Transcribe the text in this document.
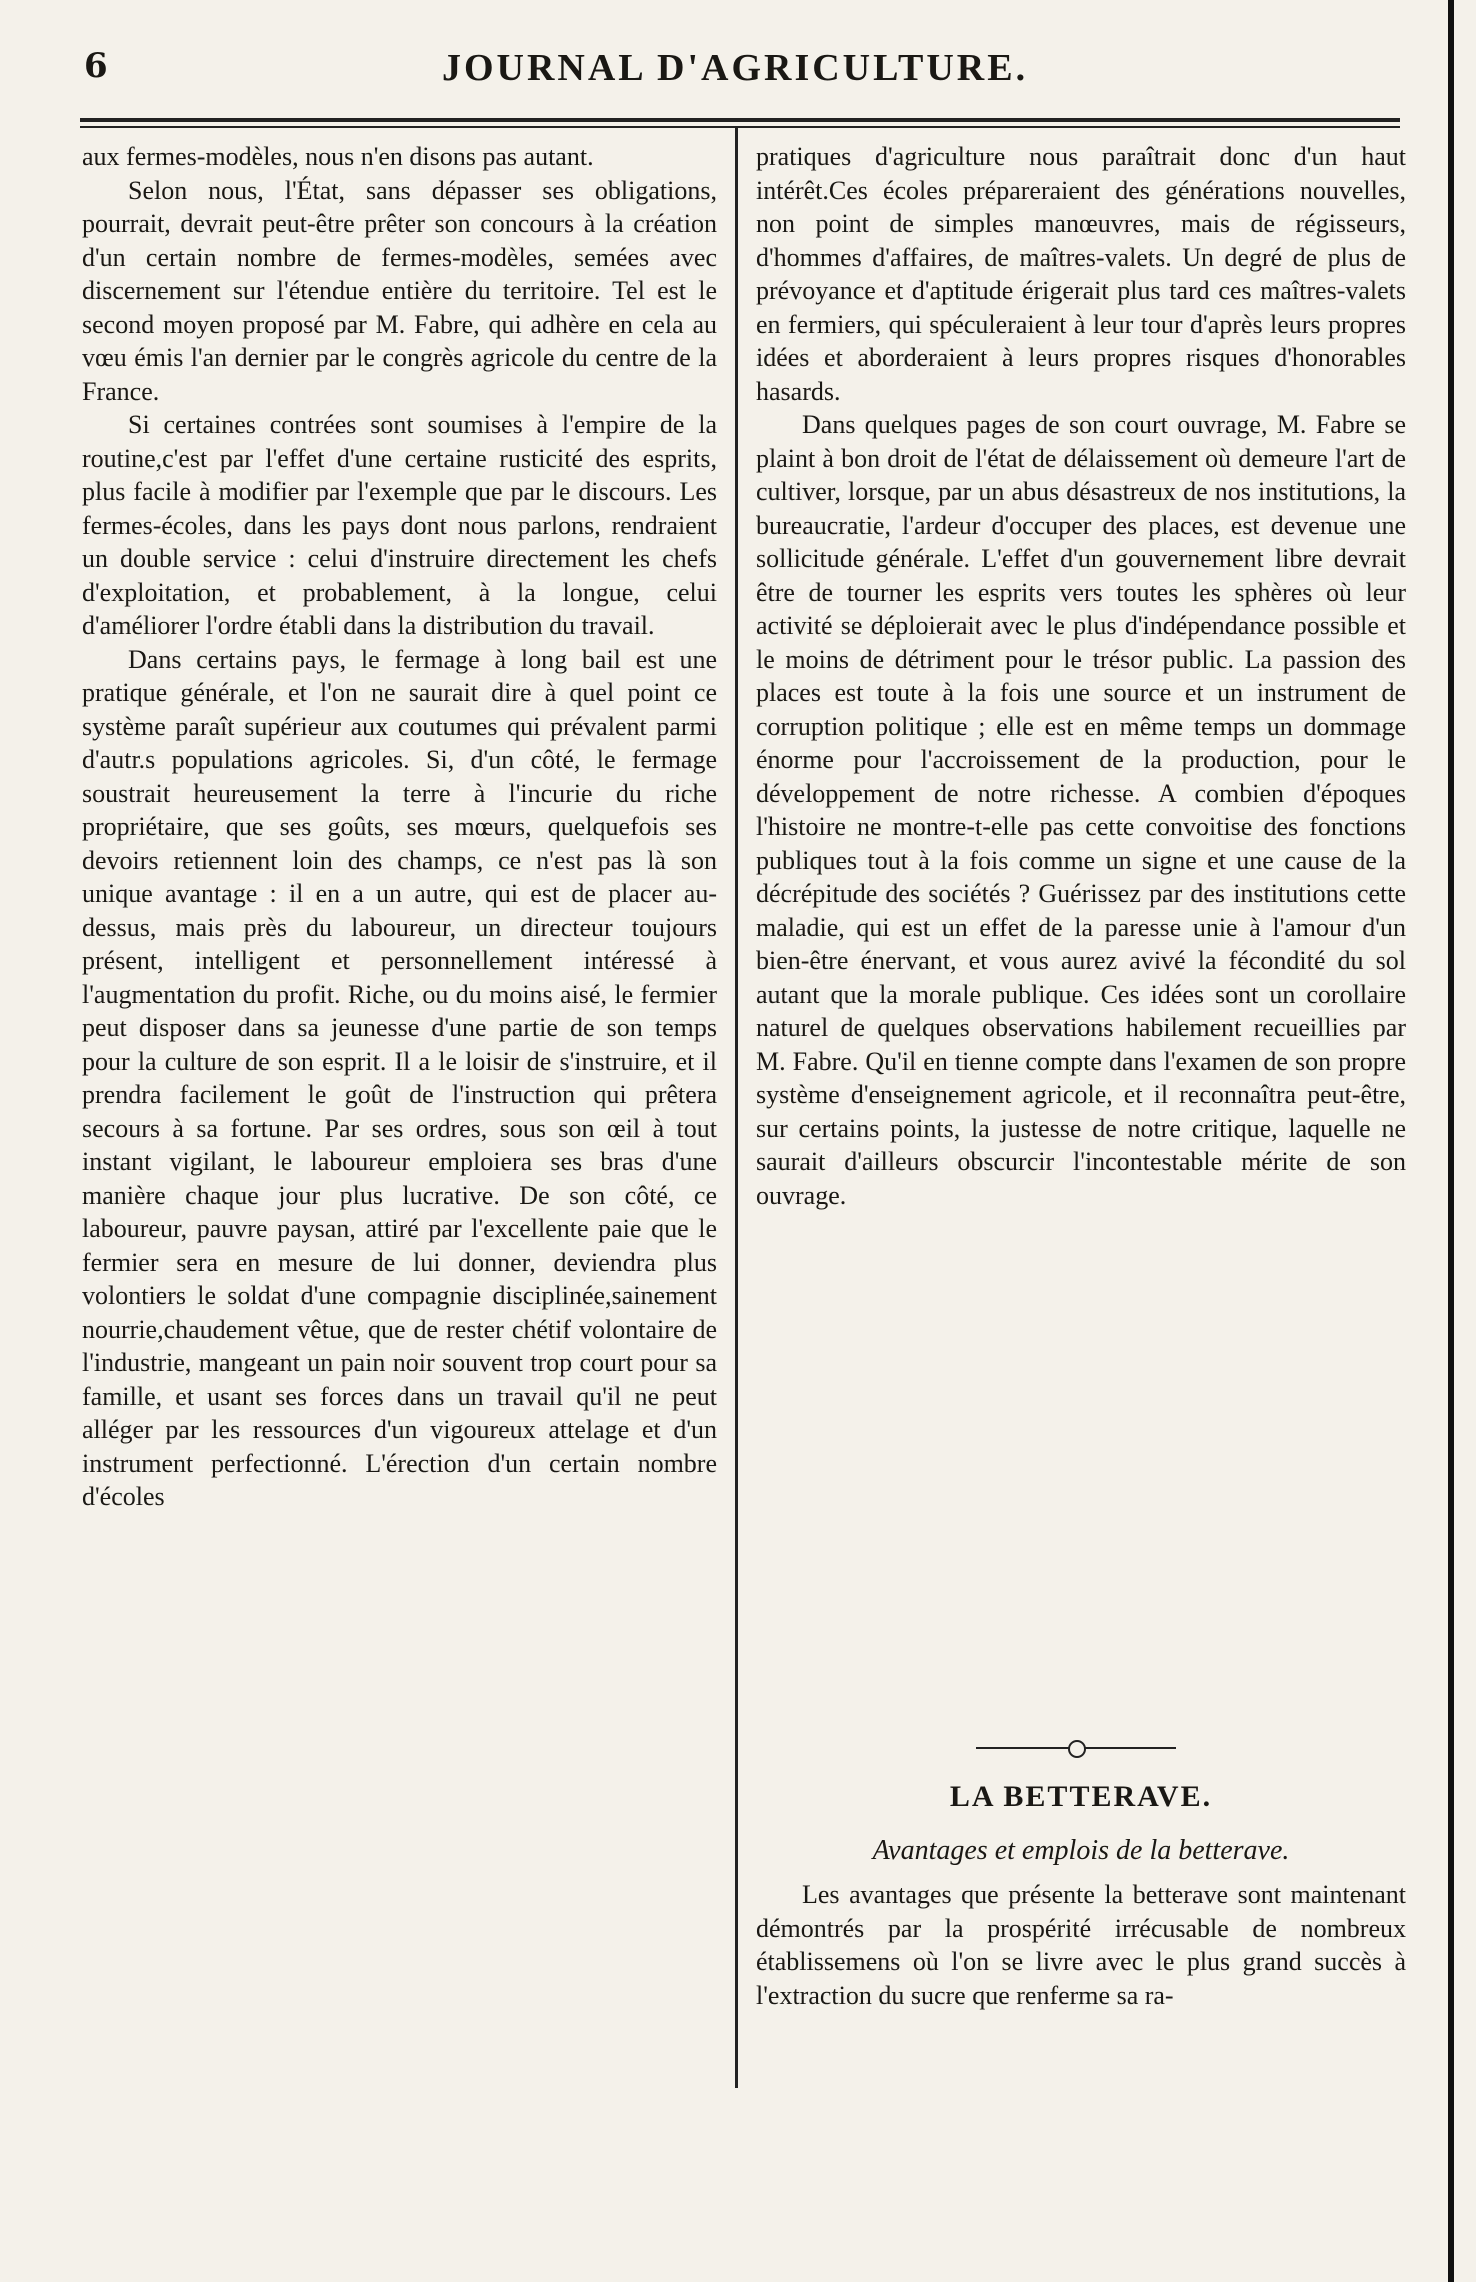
6	JOURNAL D'AGRICULTURE.

aux fermes-modèles, nous n'en disons pas autant.

Selon nous, l'État, sans dépasser ses obligations, pourrait, devrait peut-être prêter son concours à la création d'un certain nombre de fermes-modèles, semées avec discernement sur l'étendue entière du territoire. Tel est le second moyen proposé par M. Fabre, qui adhère en cela au vœu émis l'an dernier par le congrès agricole du centre de la France.

Si certaines contrées sont soumises à l'empire de la routine,c'est par l'effet d'une certaine rusticité des esprits, plus facile à modifier par l'exemple que par le discours. Les fermes-écoles, dans les pays dont nous parlons, rendraient un double service : celui d'instruire directement les chefs d'exploitation, et probablement, à la longue, celui d'améliorer l'ordre établi dans la distribution du travail.

Dans certains pays, le fermage à long bail est une pratique générale, et l'on ne saurait dire à quel point ce système paraît supérieur aux coutumes qui prévalent parmi d'autr.s populations agricoles. Si, d'un côté, le fermage soustrait heureusement la terre à l'incurie du riche propriétaire, que ses goûts, ses mœurs, quelquefois ses devoirs retiennent loin des champs, ce n'est pas là son unique avantage : il en a un autre, qui est de placer au-dessus, mais près du laboureur, un directeur toujours présent, intelligent et personnellement intéressé à l'augmentation du profit. Riche, ou du moins aisé, le fermier peut disposer dans sa jeunesse d'une partie de son temps pour la culture de son esprit. Il a le loisir de s'instruire, et il prendra facilement le goût de l'instruction qui prêtera secours à sa fortune. Par ses ordres, sous son œil à tout instant vigilant, le laboureur emploiera ses bras d'une manière chaque jour plus lucrative. De son côté, ce laboureur, pauvre paysan, attiré par l'excellente paie que le fermier sera en mesure de lui donner, deviendra plus volontiers le soldat d'une compagnie disciplinée,sainement nourrie,chaudement vêtue, que de rester chétif volontaire de l'industrie, mangeant un pain noir souvent trop court pour sa famille, et usant ses forces dans un travail qu'il ne peut alléger par les ressources d'un vigoureux attelage et d'un instrument perfectionné. L'érection d'un certain nombre d'écoles

pratiques d'agriculture nous paraîtrait donc d'un haut intérêt.Ces écoles prépareraient des générations nouvelles, non point de simples manœuvres, mais de régisseurs, d'hommes d'affaires, de maîtres-valets. Un degré de plus de prévoyance et d'aptitude érigerait plus tard ces maîtres-valets en fermiers, qui spéculeraient à leur tour d'après leurs propres idées et aborderaient à leurs propres risques d'honorables hasards.

Dans quelques pages de son court ouvrage, M. Fabre se plaint à bon droit de l'état de délaissement où demeure l'art de cultiver, lorsque, par un abus désastreux de nos institutions, la bureaucratie, l'ardeur d'occuper des places, est devenue une sollicitude générale. L'effet d'un gouvernement libre devrait être de tourner les esprits vers toutes les sphères où leur activité se déploierait avec le plus d'indépendance possible et le moins de détriment pour le trésor public. La passion des places est toute à la fois une source et un instrument de corruption politique ; elle est en même temps un dommage énorme pour l'accroissement de la production, pour le développement de notre richesse. A combien d'époques l'histoire ne montre-t-elle pas cette convoitise des fonctions publiques tout à la fois comme un signe et une cause de la décrépitude des sociétés ? Guérissez par des institutions cette maladie, qui est un effet de la paresse unie à l'amour d'un bien-être énervant, et vous aurez avivé la fécondité du sol autant que la morale publique. Ces idées sont un corollaire naturel de quelques observations habilement recueillies par M. Fabre. Qu'il en tienne compte dans l'examen de son propre système d'enseignement agricole, et il reconnaîtra peut-être, sur certains points, la justesse de notre critique, laquelle ne saurait d'ailleurs obscurcir l'incontestable mérite de son ouvrage.

LA BETTERAVE.
Avantages et emplois de la betterave.

Les avantages que présente la betterave sont maintenant démontrés par la prospérité irrécusable de nombreux établissemens où l'on se livre avec le plus grand succès à l'extraction du sucre que renferme sa ra-
